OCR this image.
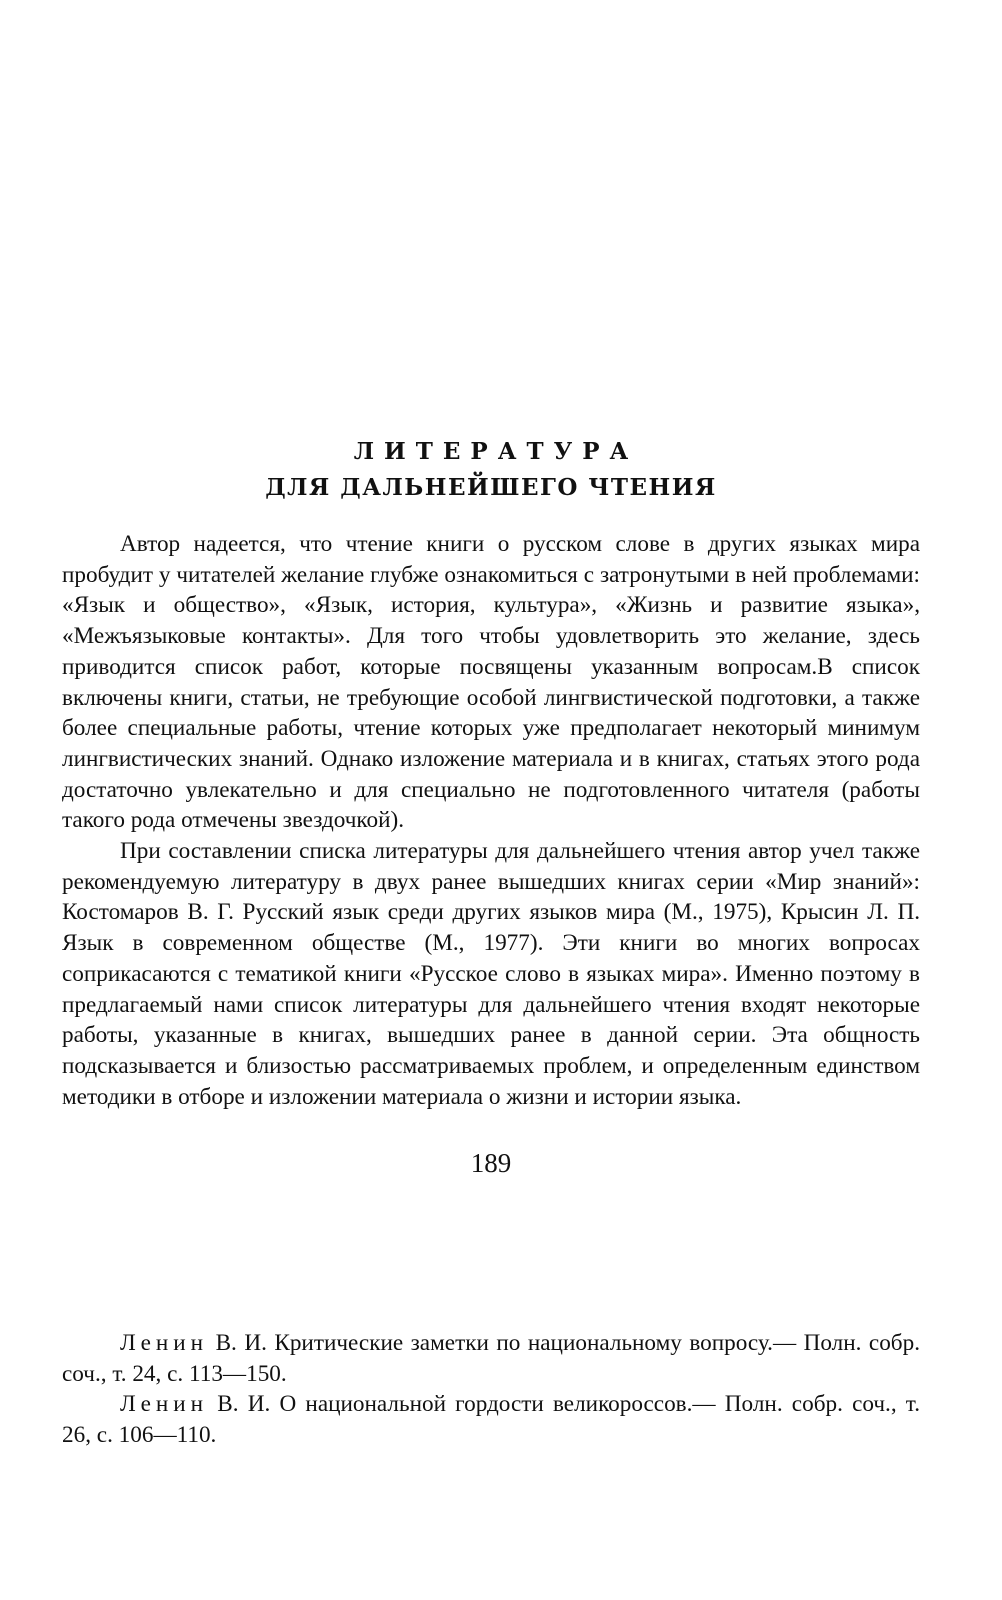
ЛИТЕРАТУРА
ДЛЯ ДАЛЬНЕЙШЕГО ЧТЕНИЯ

Автор надеется, что чтение книги о русском слове в других языках мира пробудит у читателей желание глубже ознакомиться с затронутыми в ней проблемами: «Язык и общество», «Язык, история, культура», «Жизнь и развитие языка», «Межъязыковые контакты». Для того чтобы удовлетворить это желание, здесь приводится список работ, которые посвящены указанным вопросам.В список включены книги, статьи, не требующие особой лингвистической подготовки, а также более специальные работы, чтение которых уже предполагает некоторый минимум лингвистических знаний. Однако изложение материала и в книгах, статьях этого рода достаточно увлекательно и для специально не подготовленного читателя (работы такого рода отмечены звездочкой).

При составлении списка литературы для дальнейшего чтения автор учел также рекомендуемую литературу в двух ранее вышедших книгах серии «Мир знаний»: Костомаров В. Г. Русский язык среди других языков мира (М., 1975), Крысин Л. П. Язык в современном обществе (М., 1977). Эти книги во многих вопросах соприкасаются с тематикой книги «Русское слово в языках мира». Именно поэтому в предлагаемый нами список литературы для дальнейшего чтения входят некоторые работы, указанные в книгах, вышедших ранее в данной серии. Эта общность подсказывается и близостью рассматриваемых проблем, и определенным единством методики в отборе и изложении материала о жизни и истории языка.

Ленин В. И. Критические заметки по национальному вопросу.— Полн. собр. соч., т. 24, с. 113—150.

Ленин В. И. О национальной гордости великороссов.— Полн. собр. соч., т. 26, с. 106—110.

189
